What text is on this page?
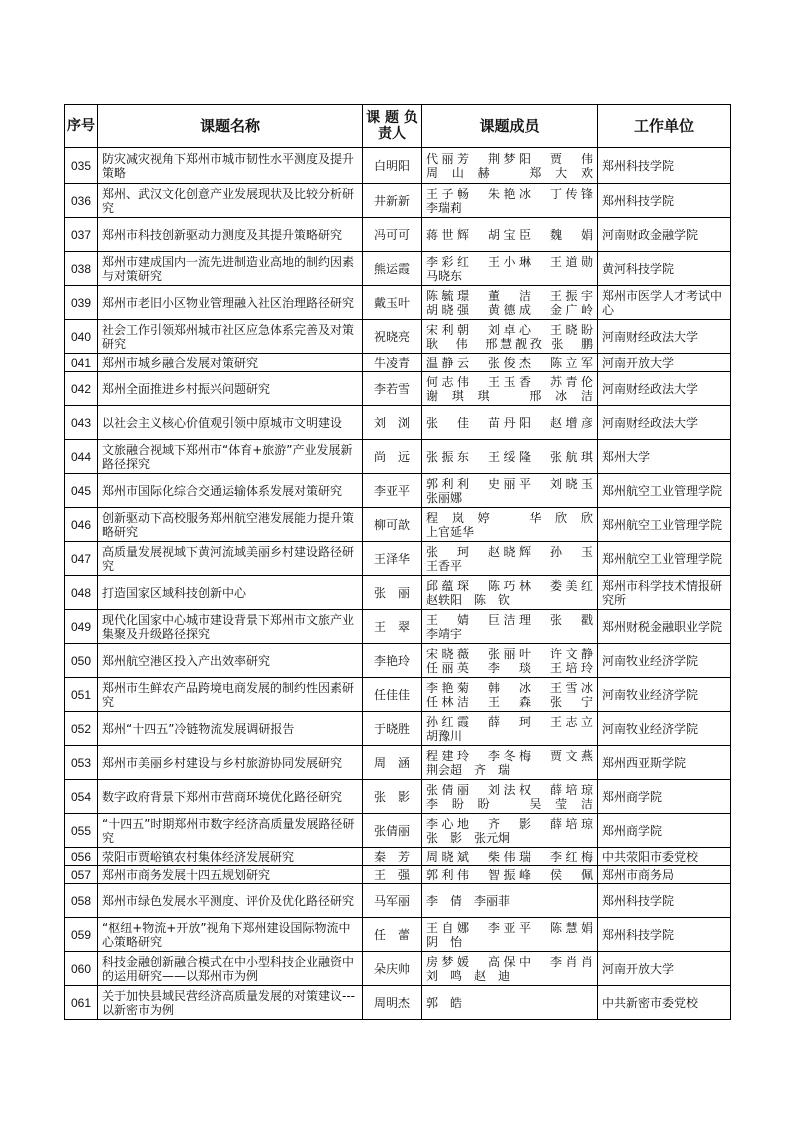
序号	课题名称	课 题 负责人	课题成员	工作单位
035	防灾减灾视角下郑州市城市韧性水平测度及提升策略	白明阳	代丽芳　荆梦阳　贾　伟
周山赫　郑大欢	郑州科技学院
036	郑州、武汉文化创意产业发展现状及比较分析研究	井新新	王子畅　朱艳冰　丁传锋
李瑞莉	郑州科技学院
037	郑州市科技创新驱动力测度及其提升策略研究	冯可可	蒋世辉　胡宝臣　魏　娟	河南财政金融学院
038	郑州市建成国内一流先进制造业高地的制约因素与对策研究	熊运霞	李彩红　王小琳　王道勋
马晓东	黄河科技学院
039	郑州市老旧小区物业管理融入社区治理路径研究	戴玉叶	陈毓璟　董　洁　王振宇
胡晓强　黄德成　金广岭	郑州市医学人才考试中心
040	社会工作引领郑州城市社区应急体系完善及对策研究	祝晓亮	宋利朝　刘卓心　王晓盼
耿　伟　邢慧靓孜 张　鹏	河南财经政法大学
041	郑州市城乡融合发展对策研究	牛凌青	温静云　张俊杰　陈立军	河南开放大学
042	郑州全面推进乡村振兴问题研究	李若雪	何志伟　王玉香　苏青伦
谢琪琪　邢冰洁	河南财经政法大学
043	以社会主义核心价值观引领中原城市文明建设	刘　浏	张　佳　苗丹阳　赵增彦	河南财经政法大学
044	文旅融合视域下郑州市“体育+旅游”产业发展新路径探究	尚　远	张振东　王绥隆　张航琪	郑州大学
045	郑州市国际化综合交通运输体系发展对策研究	李亚平	郭利利　史丽平　刘晓玉
张丽娜	郑州航空工业管理学院
046	创新驱动下高校服务郑州航空港发展能力提升策略研究	柳可歆	程岚婷　华欣欣
上官延华	郑州航空工业管理学院
047	高质量发展视域下黄河流域美丽乡村建设路径研究	王泽华	张　珂　赵晓辉　孙　玉
王香平	郑州航空工业管理学院
048	打造国家区域科技创新中心	张　丽	邱蕴琛　陈巧林　娄美红
赵轶阳　陈　钦	郑州市科学技术情报研究所
049	现代化国家中心城市建设背景下郑州市文旅产业集聚及升级路径探究	王　翠	王　婧　巨洁理　张　戳
李靖宇	郑州财税金融职业学院
050	郑州航空港区投入产出效率研究	李艳玲	宋晓薇　张丽叶　许文静
任丽英　李　琰　王培玲	河南牧业经济学院
051	郑州市生鲜农产品跨境电商发展的制约性因素研究	任佳佳	李艳菊　韩　冰　王雪冰
任林洁　王　森　张　宁	河南牧业经济学院
052	郑州“十四五”冷链物流发展调研报告	于晓胜	孙红霞　薛　珂　王志立
胡豫川	河南牧业经济学院
053	郑州市美丽乡村建设与乡村旅游协同发展研究	周　涵	程建玲　李冬梅　贾文燕
荆会超　齐　瑞	郑州西亚斯学院
054	数字政府背景下郑州市营商环境优化路径研究	张　影	张倩丽　刘法权　薛培琼
李盼盼　吴莹洁	郑州商学院
055	“十四五”时期郑州市数字经济高质量发展路径研究	张倩丽	李心地　齐　影　薛培琼
张　影　张元炯	郑州商学院
056	荥阳市贾峪镇农村集体经济发展研究	秦　芳	周晓斌　柴伟瑞　李红梅	中共荥阳市委党校
057	郑州市商务发展十四五规划研究	王　强	郭利伟　智振峰　侯　佩	郑州市商务局
058	郑州市绿色发展水平测度、评价及优化路径研究	马军丽	李　倩　李丽菲	郑州科技学院
059	“枢纽+物流+开放”视角下郑州建设国际物流中心策略研究	任　蕾	王自娜　李亚平　陈慧娟
阴　怡	郑州科技学院
060	科技金融创新融合模式在中小型科技企业融资中的运用研究——以郑州市为例	朵庆帅	房梦媛　高保中　李肖肖
刘　鸣　赵　迪	河南开放大学
061	关于加快县域民营经济高质量发展的对策建议---以新密市为例	周明杰	郭　皓	中共新密市委党校
